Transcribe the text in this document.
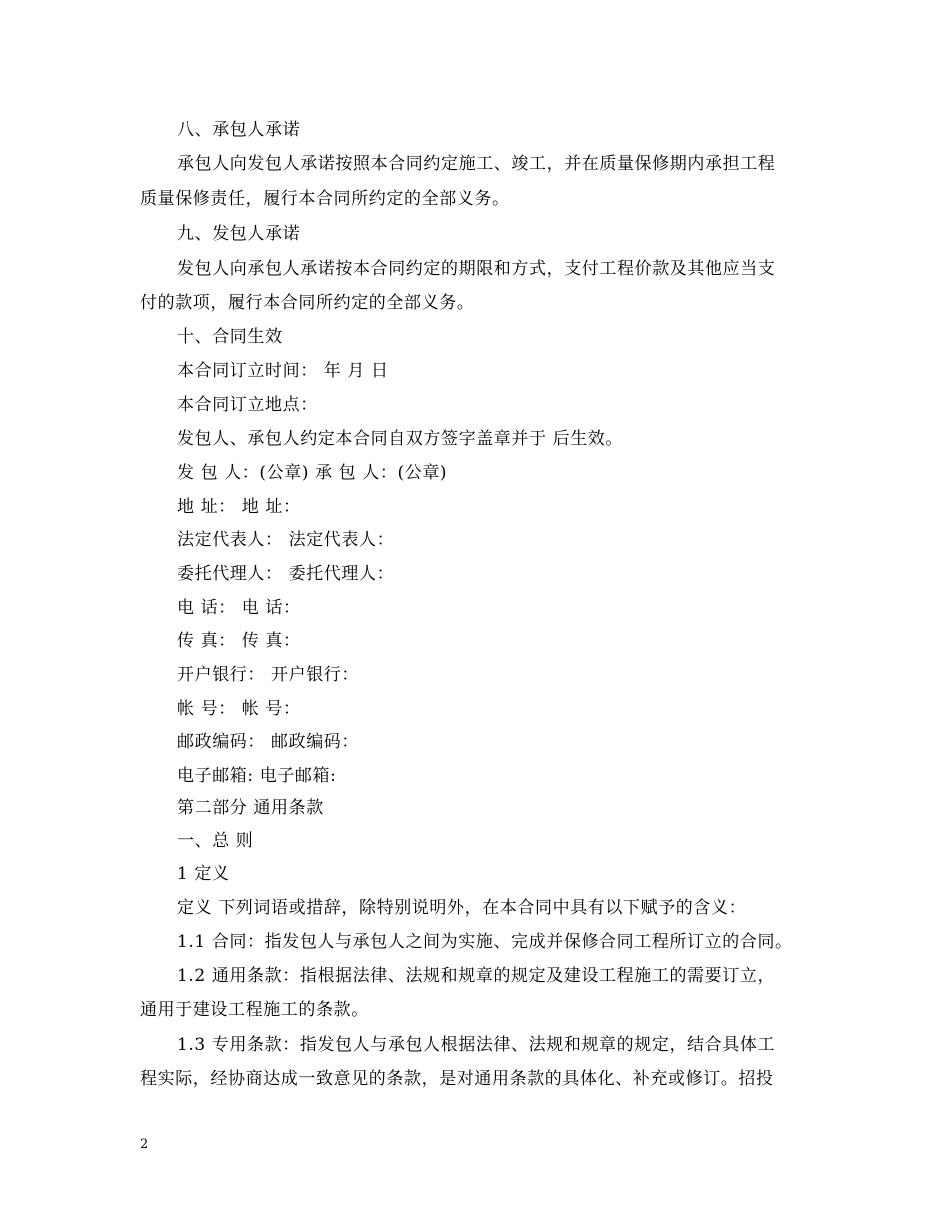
八、承包人承诺
承包人向发包人承诺按照本合同约定施工、竣工，并在质量保修期内承担工程
质量保修责任，履行本合同所约定的全部义务。
九、发包人承诺
发包人向承包人承诺按本合同约定的期限和方式，支付工程价款及其他应当支
付的款项，履行本合同所约定的全部义务。
十、合同生效
本合同订立时间： 年 月 日
本合同订立地点：
发包人、承包人约定本合同自双方签字盖章并于 后生效。
发 包 人：(公章) 承 包 人：(公章)
地 址： 地 址：
法定代表人： 法定代表人：
委托代理人： 委托代理人：
电 话： 电 话：
传 真： 传 真：
开户银行： 开户银行：
帐 号： 帐 号：
邮政编码： 邮政编码：
电子邮箱: 电子邮箱:
第二部分 通用条款
一、总 则
1 定义
定义 下列词语或措辞，除特别说明外，在本合同中具有以下赋予的含义：
1.1 合同：指发包人与承包人之间为实施、完成并保修合同工程所订立的合同。
1.2 通用条款：指根据法律、法规和规章的规定及建设工程施工的需要订立，
通用于建设工程施工的条款。
1.3 专用条款：指发包人与承包人根据法律、法规和规章的规定，结合具体工
程实际，经协商达成一致意见的条款，是对通用条款的具体化、补充或修订。招投
2
